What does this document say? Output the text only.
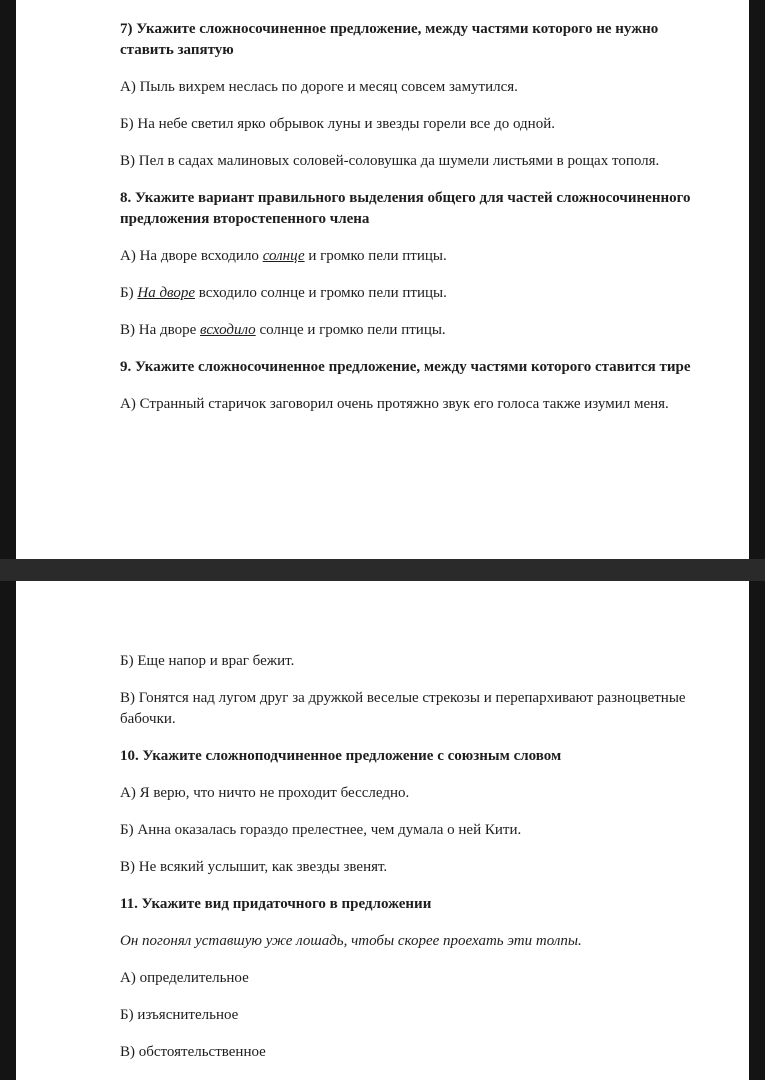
7) Укажите сложносочиненное предложение, между частями которого не нужно ставить запятую

А) Пыль вихрем неслась по дороге и месяц совсем замутился.

Б) На небе светил ярко обрывок луны и звезды горели все до одной.

В) Пел в садах малиновых соловей-соловушка да шумели листьями в рощах тополя.

8. Укажите вариант правильного выделения общего для частей сложносочиненного предложения второстепенного члена

А) На дворе всходило солнце и громко пели птицы.

Б) На дворе всходило солнце и громко пели птицы.

В) На дворе всходило солнце и громко пели птицы.

9. Укажите сложносочиненное предложение, между частями которого ставится тире

А) Странный старичок заговорил очень протяжно звук его голоса также изумил меня.

Б) Еще напор и враг бежит.

В) Гонятся над лугом друг за дружкой веселые стрекозы и перепархивают разноцветные бабочки.

10. Укажите сложноподчиненное предложение с союзным словом

А) Я верю, что ничто не проходит бесследно.

Б) Анна оказалась гораздо прелестнее, чем думала о ней Кити.

В) Не всякий услышит, как звезды звенят.

11. Укажите вид придаточного в предложении

Он погонял уставшую уже лошадь, чтобы скорее проехать эти толпы.

А) определительное

Б) изъяснительное

В) обстоятельственное
